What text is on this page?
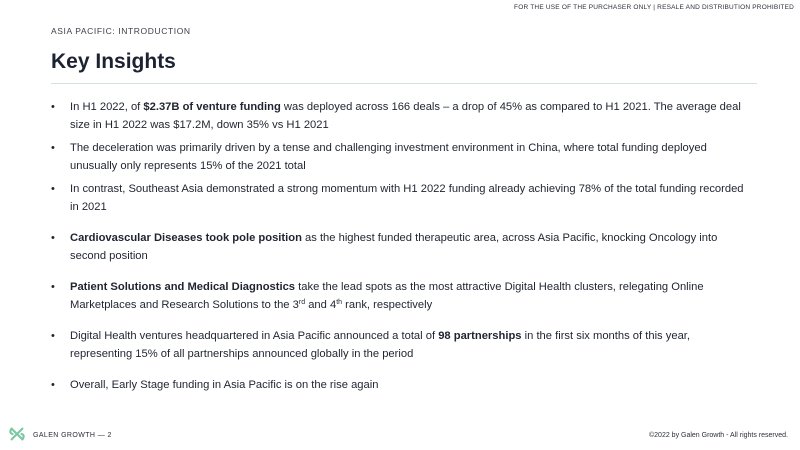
FOR THE USE OF THE PURCHASER ONLY | RESALE AND DISTRIBUTION PROHIBITED
ASIA PACIFIC: INTRODUCTION
Key Insights
• In H1 2022, of $2.37B of venture funding was deployed across 166 deals – a drop of 45% as compared to H1 2021. The average deal size in H1 2022 was $17.2M, down 35% vs H1 2021
• The deceleration was primarily driven by a tense and challenging investment environment in China, where total funding deployed unusually only represents 15% of the 2021 total
• In contrast, Southeast Asia demonstrated a strong momentum with H1 2022 funding already achieving 78% of the total funding recorded in 2021
• Cardiovascular Diseases took pole position as the highest funded therapeutic area, across Asia Pacific, knocking Oncology into second position
• Patient Solutions and Medical Diagnostics take the lead spots as the most attractive Digital Health clusters, relegating Online Marketplaces and Research Solutions to the 3rd and 4th rank, respectively
• Digital Health ventures headquartered in Asia Pacific announced a total of 98 partnerships in the first six months of this year, representing 15% of all partnerships announced globally in the period
• Overall, Early Stage funding in Asia Pacific is on the rise again
GALEN GROWTH — 2	©2022 by Galen Growth - All rights reserved.
